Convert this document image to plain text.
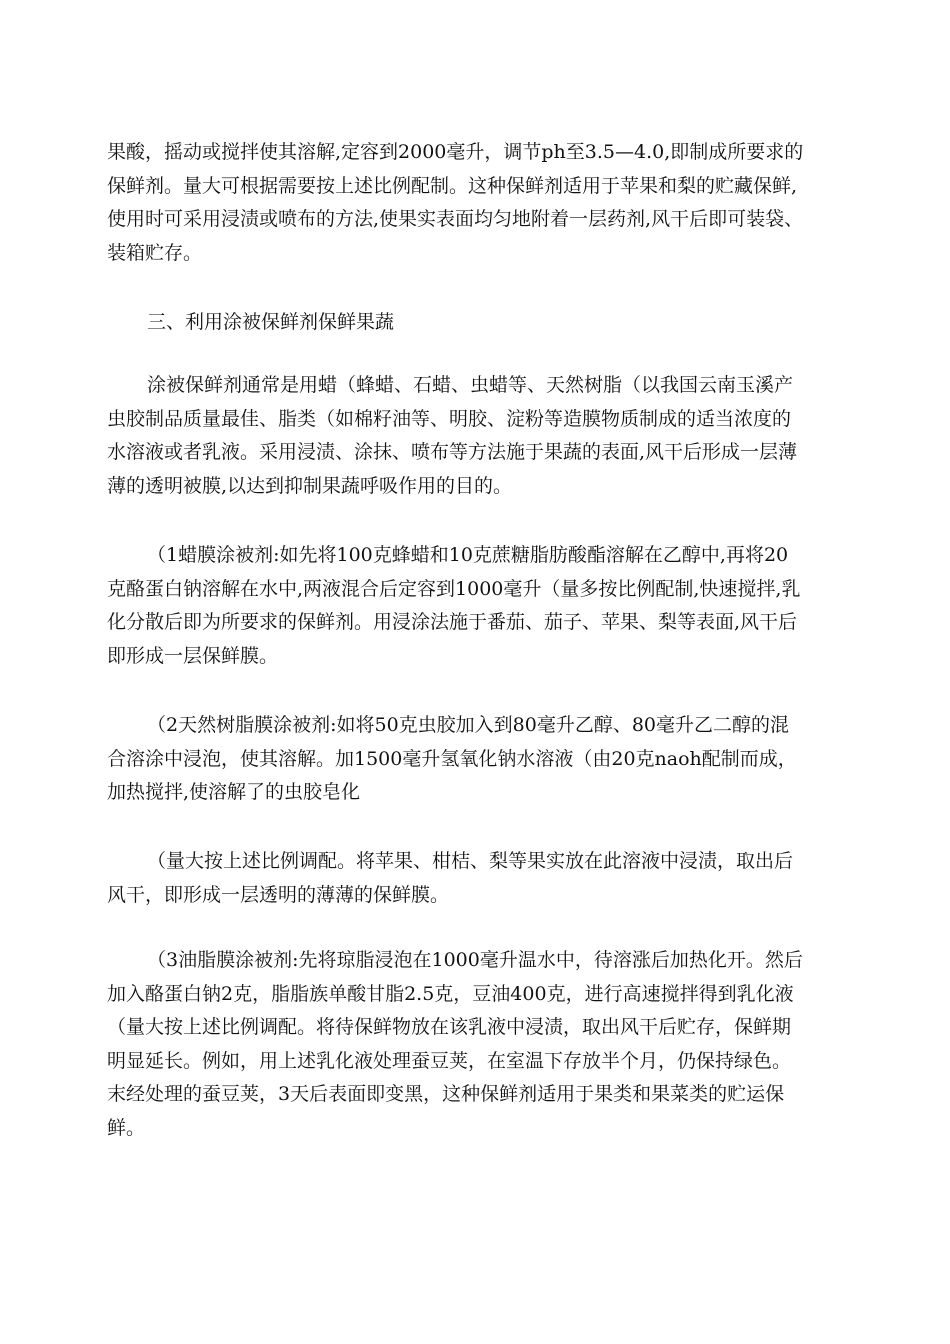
果酸，摇动或搅拌使其溶解,定容到2000毫升，调节ph至3.5—4.0,即制成所要求的
保鲜剂。量大可根据需要按上述比例配制。这种保鲜剂适用于苹果和梨的贮藏保鲜,
使用时可采用浸渍或喷布的方法,使果实表面均匀地附着一层药剂,风干后即可装袋、
装箱贮存。
三、利用涂被保鲜剂保鲜果蔬
涂被保鲜剂通常是用蜡（蜂蜡、石蜡、虫蜡等、天然树脂（以我国云南玉溪产
虫胶制品质量最佳、脂类（如棉籽油等、明胶、淀粉等造膜物质制成的适当浓度的
水溶液或者乳液。采用浸渍、涂抹、喷布等方法施于果蔬的表面,风干后形成一层薄
薄的透明被膜,以达到抑制果蔬呼吸作用的目的。
（1蜡膜涂被剂:如先将100克蜂蜡和10克蔗糖脂肪酸酯溶解在乙醇中,再将20
克酪蛋白钠溶解在水中,两液混合后定容到1000毫升（量多按比例配制,快速搅拌,乳
化分散后即为所要求的保鲜剂。用浸涂法施于番茄、茄子、苹果、梨等表面,风干后
即形成一层保鲜膜。
（2天然树脂膜涂被剂:如将50克虫胶加入到80毫升乙醇、80毫升乙二醇的混
合溶涂中浸泡，使其溶解。加1500毫升氢氧化钠水溶液（由20克naoh配制而成，
加热搅拌,使溶解了的虫胶皂化
（量大按上述比例调配。将苹果、柑桔、梨等果实放在此溶液中浸渍，取出后
风干，即形成一层透明的薄薄的保鲜膜。
（3油脂膜涂被剂:先将琼脂浸泡在1000毫升温水中，待溶涨后加热化开。然后
加入酪蛋白钠2克，脂脂族单酸甘脂2.5克，豆油400克，进行高速搅拌得到乳化液
（量大按上述比例调配。将待保鲜物放在该乳液中浸渍，取出风干后贮存，保鲜期
明显延长。例如，用上述乳化液处理蚕豆荚，在室温下存放半个月，仍保持绿色。
末经处理的蚕豆荚，3天后表面即变黑，这种保鲜剂适用于果类和果菜类的贮运保
鲜。
